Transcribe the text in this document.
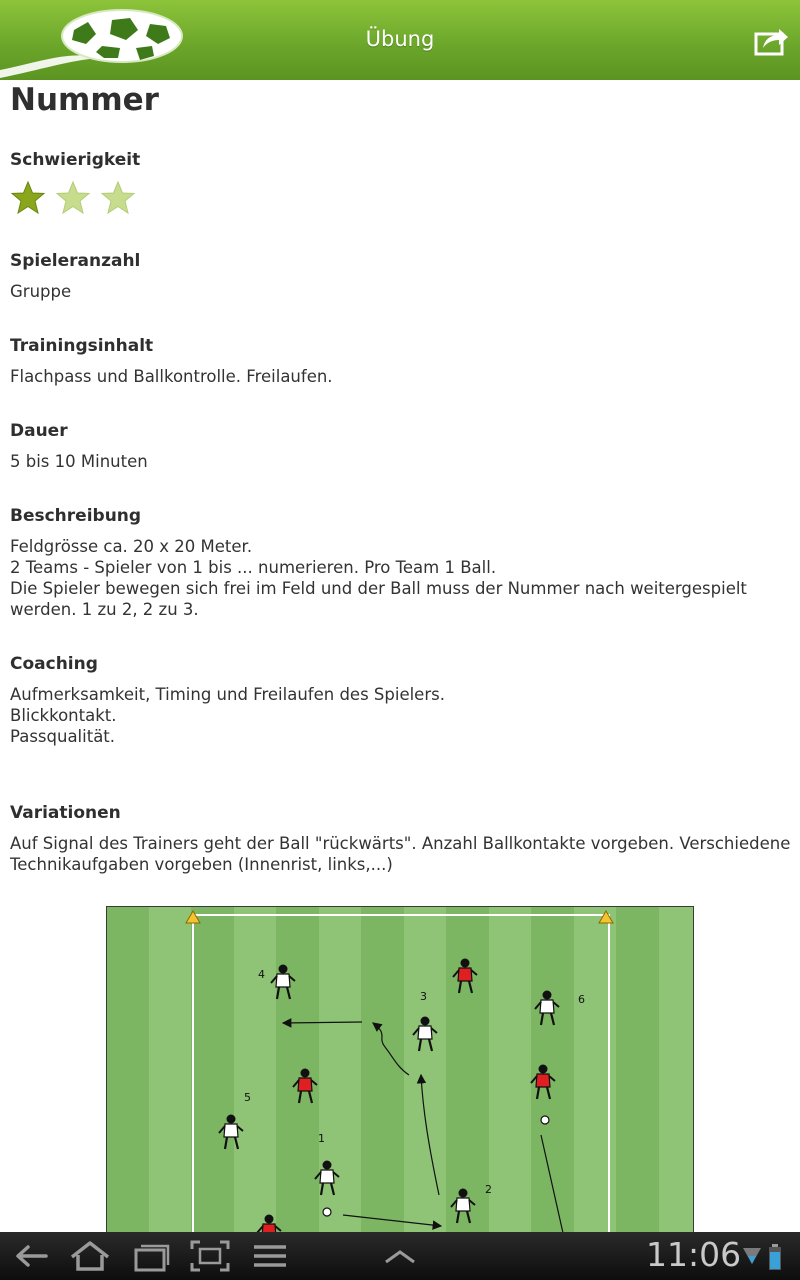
Übung
Nummer
Schwierigkeit

Spieleranzahl
Gruppe
Trainingsinhalt
Flachpass und Ballkontrolle. Freilaufen.
Dauer
5 bis 10 Minuten
Beschreibung
Feldgrösse ca. 20 x 20 Meter.
2 Teams - Spieler von 1 bis ... numerieren. Pro Team 1 Ball.
Die Spieler bewegen sich frei im Feld und der Ball muss der Nummer nach weitergespielt
werden. 1 zu 2, 2 zu 3.
Coaching
Aufmerksamkeit, Timing und Freilaufen des Spielers.
Blickkontakt.
Passqualität.
Variationen
Auf Signal des Trainers geht der Ball "rückwärts". Anzahl Ballkontakte vorgeben. Verschiedene
Technikaufgaben vorgeben (Innenrist, links,...)
1
2
3
4
5
6
11:06
